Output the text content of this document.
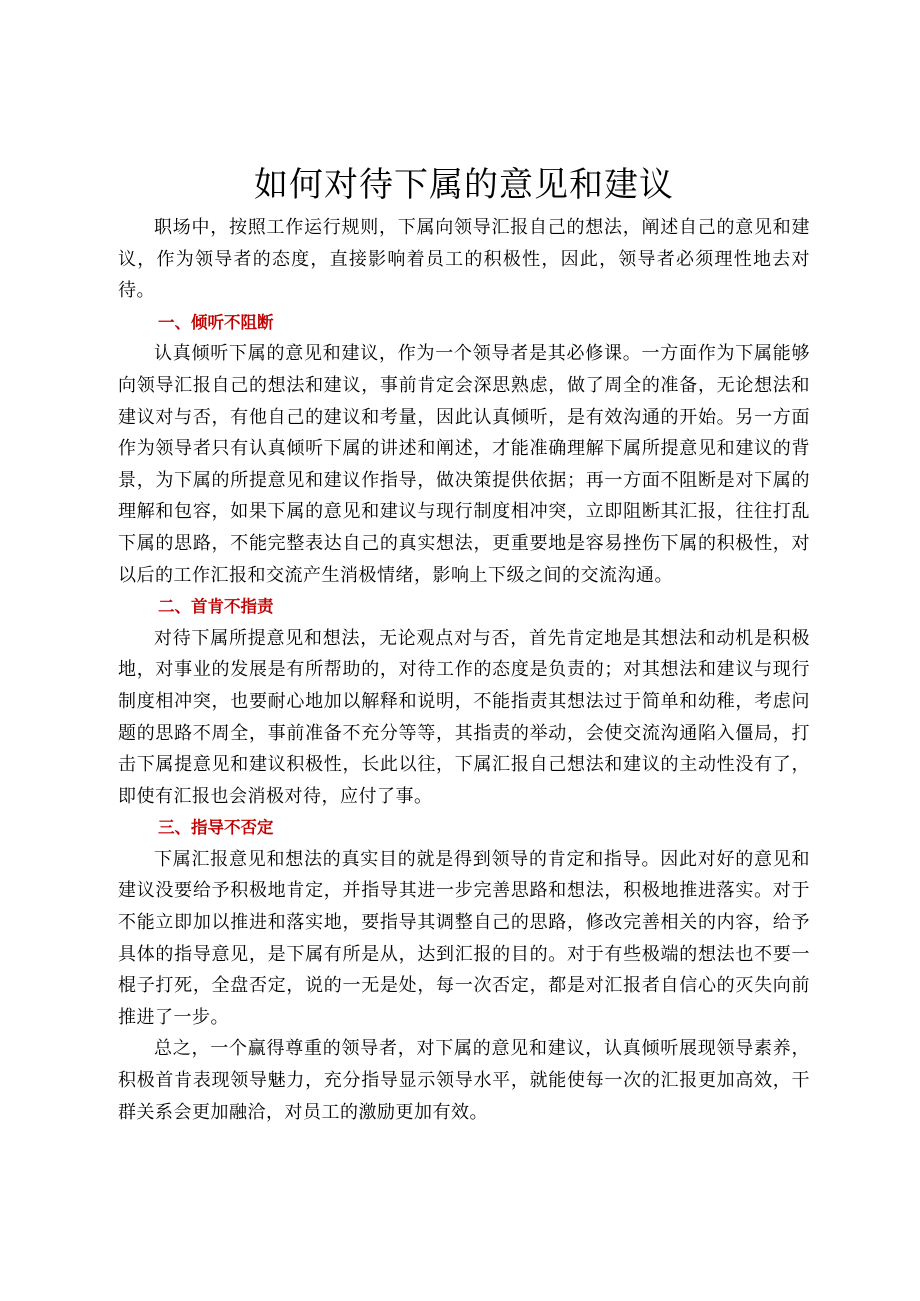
如何对待下属的意见和建议

职场中，按照工作运行规则，下属向领导汇报自己的想法，阐述自己的意见和建议，作为领导者的态度，直接影响着员工的积极性，因此，领导者必须理性地去对待。

一、倾听不阻断

认真倾听下属的意见和建议，作为一个领导者是其必修课。一方面作为下属能够向领导汇报自己的想法和建议，事前肯定会深思熟虑，做了周全的准备，无论想法和建议对与否，有他自己的建议和考量，因此认真倾听，是有效沟通的开始。另一方面作为领导者只有认真倾听下属的讲述和阐述，才能准确理解下属所提意见和建议的背景，为下属的所提意见和建议作指导，做决策提供依据；再一方面不阻断是对下属的理解和包容，如果下属的意见和建议与现行制度相冲突，立即阻断其汇报，往往打乱下属的思路，不能完整表达自己的真实想法，更重要地是容易挫伤下属的积极性，对以后的工作汇报和交流产生消极情绪，影响上下级之间的交流沟通。

二、首肯不指责

对待下属所提意见和想法，无论观点对与否，首先肯定地是其想法和动机是积极地，对事业的发展是有所帮助的，对待工作的态度是负责的；对其想法和建议与现行制度相冲突，也要耐心地加以解释和说明，不能指责其想法过于简单和幼稚，考虑问题的思路不周全，事前准备不充分等等，其指责的举动，会使交流沟通陷入僵局，打击下属提意见和建议积极性，长此以往，下属汇报自己想法和建议的主动性没有了，即使有汇报也会消极对待，应付了事。

三、指导不否定

下属汇报意见和想法的真实目的就是得到领导的肯定和指导。因此对好的意见和建议没要给予积极地肯定，并指导其进一步完善思路和想法，积极地推进落实。对于不能立即加以推进和落实地，要指导其调整自己的思路，修改完善相关的内容，给予具体的指导意见，是下属有所是从，达到汇报的目的。对于有些极端的想法也不要一棍子打死，全盘否定，说的一无是处，每一次否定，都是对汇报者自信心的灭失向前推进了一步。

总之，一个赢得尊重的领导者，对下属的意见和建议，认真倾听展现领导素养，积极首肯表现领导魅力，充分指导显示领导水平，就能使每一次的汇报更加高效，干群关系会更加融洽，对员工的激励更加有效。
